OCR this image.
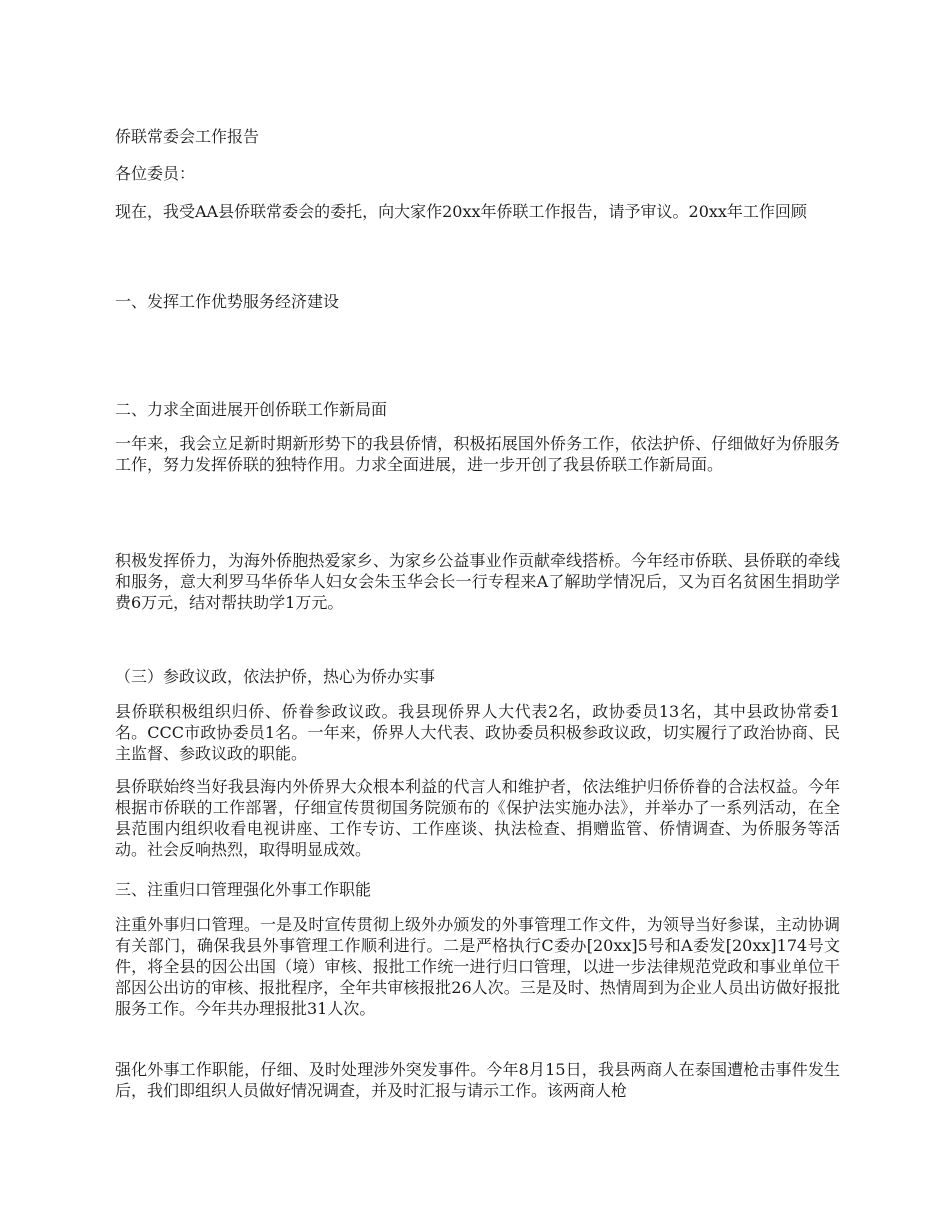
侨联常委会工作报告

各位委员：

现在，我受AA县侨联常委会的委托，向大家作20xx年侨联工作报告，请予审议。20xx年工作回顾

一、发挥工作优势服务经济建设

二、力求全面进展开创侨联工作新局面

一年来，我会立足新时期新形势下的我县侨情，积极拓展国外侨务工作，依法护侨、仔细做好为侨服务工作，努力发挥侨联的独特作用。力求全面进展，进一步开创了我县侨联工作新局面。

积极发挥侨力，为海外侨胞热爱家乡、为家乡公益事业作贡献牵线搭桥。今年经市侨联、县侨联的牵线和服务，意大利罗马华侨华人妇女会朱玉华会长一行专程来A了解助学情况后，又为百名贫困生捐助学费6万元，结对帮扶助学1万元。

（三）参政议政，依法护侨，热心为侨办实事

县侨联积极组织归侨、侨眷参政议政。我县现侨界人大代表2名，政协委员13名，其中县政协常委1名。CCC市政协委员1名。一年来，侨界人大代表、政协委员积极参政议政，切实履行了政治协商、民主监督、参政议政的职能。

县侨联始终当好我县海内外侨界大众根本利益的代言人和维护者，依法维护归侨侨眷的合法权益。今年根据市侨联的工作部署，仔细宣传贯彻国务院颁布的《保护法实施办法》，并举办了一系列活动，在全县范围内组织收看电视讲座、工作专访、工作座谈、执法检查、捐赠监管、侨情调查、为侨服务等活动。社会反响热烈，取得明显成效。

三、注重归口管理强化外事工作职能

注重外事归口管理。一是及时宣传贯彻上级外办颁发的外事管理工作文件，为领导当好参谋，主动协调有关部门，确保我县外事管理工作顺利进行。二是严格执行C委办[20xx]5号和A委发[20xx]174号文件，将全县的因公出国（境）审核、报批工作统一进行归口管理，以进一步法律规范党政和事业单位干部因公出访的审核、报批程序，全年共审核报批26人次。三是及时、热情周到为企业人员出访做好报批服务工作。今年共办理报批31人次。

强化外事工作职能，仔细、及时处理涉外突发事件。今年8月15日，我县两商人在泰国遭枪击事件发生后，我们即组织人员做好情况调查，并及时汇报与请示工作。该两商人枪
